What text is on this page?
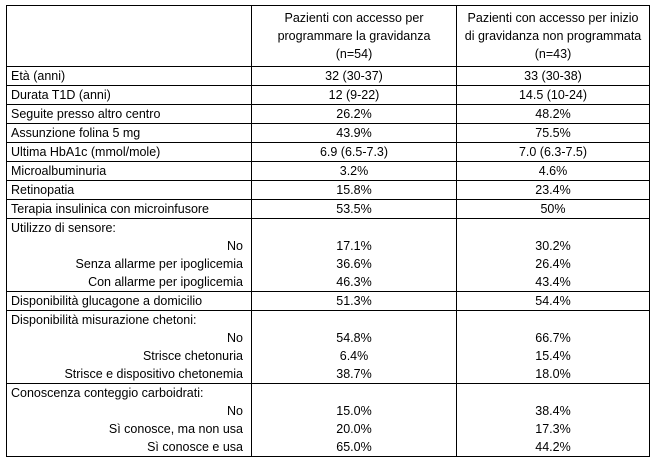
	Pazienti con accesso per programmare la gravidanza (n=54)	Pazienti con accesso per inizio di gravidanza non programmata (n=43)
Età (anni)	32 (30-37)	33 (30-38)
Durata T1D (anni)	12 (9-22)	14.5 (10-24)
Seguite presso altro centro	26.2%	48.2%
Assunzione folina 5 mg	43.9%	75.5%
Ultima HbA1c (mmol/mole)	6.9 (6.5-7.3)	7.0 (6.3-7.5)
Microalbuminuria	3.2%	4.6%
Retinopatia	15.8%	23.4%
Terapia insulinica con microinfusore	53.5%	50%
Utilizzo di sensore:		
No	17.1%	30.2%
Senza allarme per ipoglicemia	36.6%	26.4%
Con allarme per ipoglicemia	46.3%	43.4%
Disponibilità glucagone a domicilio	51.3%	54.4%
Disponibilità misurazione chetoni:		
No	54.8%	66.7%
Strisce chetonuria	6.4%	15.4%
Strisce e dispositivo chetonemia	38.7%	18.0%
Conoscenza conteggio carboidrati:		
No	15.0%	38.4%
Sì conosce, ma non usa	20.0%	17.3%
Sì conosce e usa	65.0%	44.2%
